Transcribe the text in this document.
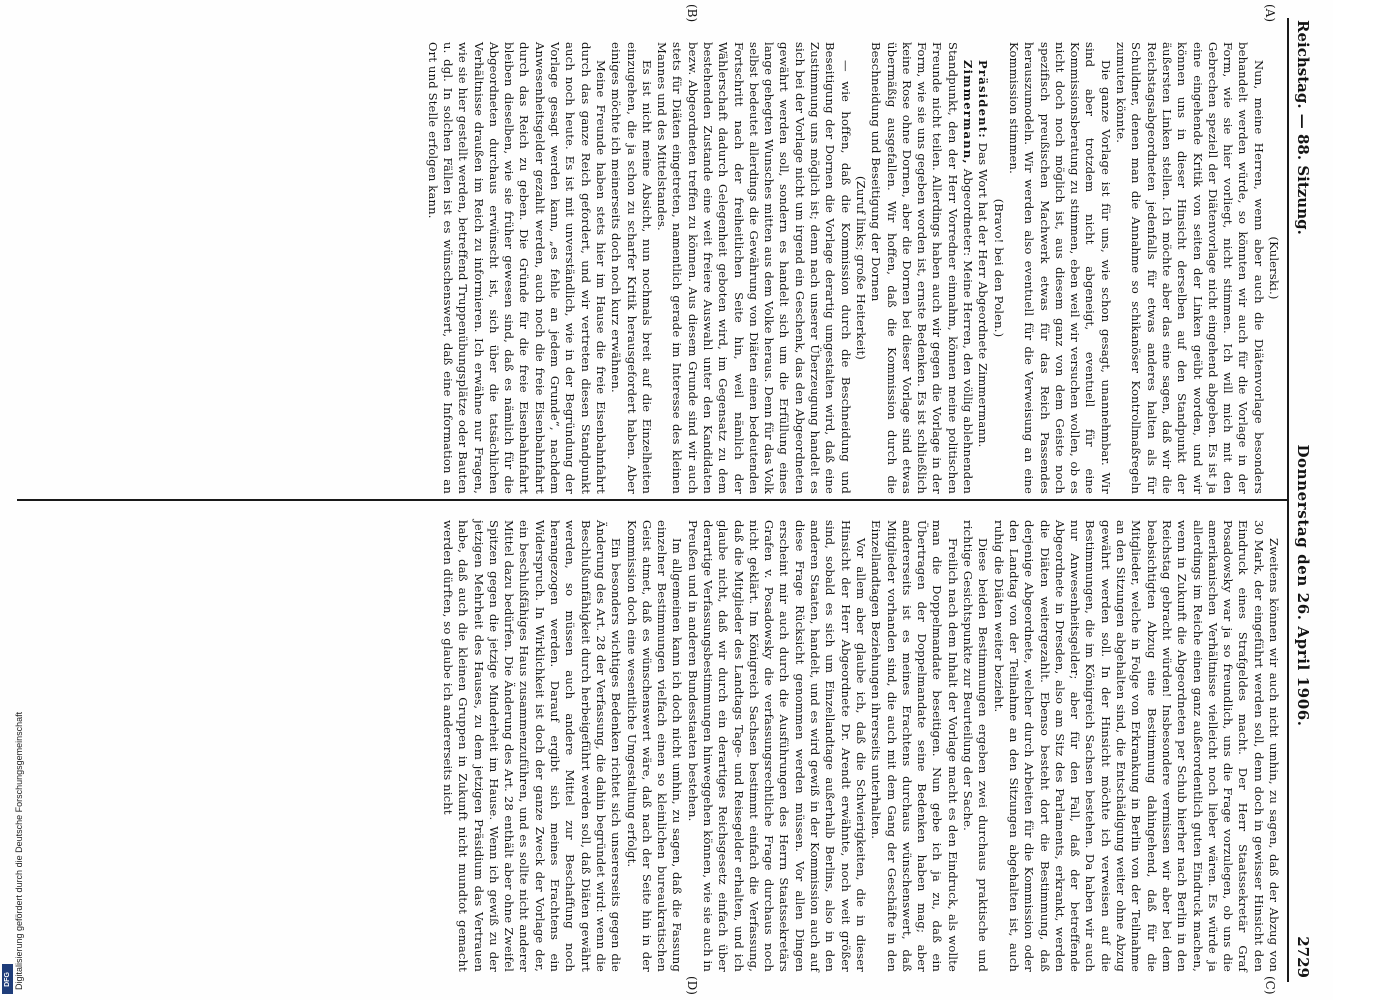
Reichstag. — 88. Sitzung.
Donnerstag den 26. April 1906.
2729
(A)
(B)
(C)
(D)

(Kulerski.)

Nun, meine Herren, wenn aber auch die Diätenvorlage besonders behandelt werden würde, so könnten wir auch für die Vorlage in der Form, wie sie hier vorliegt, nicht stimmen. Ich will mich mit den Gebrechen speziell der Diätenvorlage nicht eingehend abgeben. Es ist ja eine eingehende Kritik von seiten der Linken geübt worden, und wir können uns in dieser Hinsicht derselben auf den Standpunkt der äußersten Linken stellen. Ich möchte aber das eine sagen, daß wir die Reichstagsabgeordneten jedenfalls für etwas anderes halten als für Schuldner, denen man die Annahme so schikanöser Kontrollmaßregeln zumuten könnte.

Die ganze Vorlage ist für uns, wie schon gesagt, unannehmbar. Wir sind aber trotzdem nicht abgeneigt, eventuell für eine Kommissionsberatung zu stimmen, eben weil wir versuchen wollen, ob es nicht doch noch möglich ist, aus diesem ganz von dem Geiste noch spezifisch preußischen Machwerk etwas für das Reich Passendes herauszumodeln. Wir werden also eventuell für die Verweisung an eine Kommission stimmen.

(Bravo! bei den Polen.)

Präsident: Das Wort hat der Herr Abgeordnete Zimmermann.

Zimmermann, Abgeordneter: Meine Herren, den völlig ablehnenden Standpunkt, den der Herr Vorredner einnahm, können meine politischen Freunde nicht teilen. Allerdings haben auch wir gegen die Vorlage in der Form, wie sie uns gegeben worden ist, ernste Bedenken. Es ist schließlich keine Rose ohne Dornen, aber die Dornen bei dieser Vorlage sind etwas übermäßig ausgefallen. Wir hoffen, daß die Kommission durch die Beschneidung und Beseitigung der Dornen

(Zuruf links; große Heiterkeit)

— wie hoffen, daß die Kommission durch die Beschneidung und Beseitigung der Dornen die Vorlage derartig umgestalten wird, daß eine Zustimmung uns möglich ist; denn nach unserer Überzeugung handelt es sich bei der Vorlage nicht um irgend ein Geschenk, das den Abgeordneten gewährt werden soll, sondern es handelt sich um die Erfüllung eines lange gehegten Wunsches mitten aus dem Volke heraus. Denn für das Volk selbst bedeutet allerdings die Gewährung von Diäten einen bedeutenden Fortschritt nach der freiheitlichen Seite hin, weil nämlich der Wählerschaft dadurch Gelegenheit geboten wird, im Gegensatz zu dem bestehenden Zustande eine weit freiere Auswahl unter den Kandidaten bezw. Abgeordneten treffen zu können. Aus diesem Grunde sind wir auch stets für Diäten eingetreten, namentlich gerade im Interesse des kleinen Mannes und des Mittelstandes.

Es ist nicht meine Absicht, nun nochmals breit auf die Einzelheiten einzugehen, die ja schon zu scharfer Kritik herausgefordert haben. Aber einiges möchte ich meinerseits doch noch kurz erwähnen.

Meine Freunde haben stets hier im Hause die freie Eisenbahnfahrt durch das ganze Reich gefordert, und wir vertreten diesen Standpunkt auch noch heute. Es ist mit unverständlich, wie in der Begründung der Vorlage gesagt werden kann, „es fehle an jedem Grunde“, nachdem Anwesenheitsgelder gezahlt werden, auch noch die freie Eisenbahnfahrt durch das Reich zu geben. Die Gründe für die freie Eisenbahnfahrt bleiben dieselben, wie sie früher gewesen sind, daß es nämlich für die Abgeordneten durchaus erwünscht ist, sich über die tatsächlichen Verhältnisse draußen im Reich zu informieren. Ich erwähne nur Fragen, wie sie hier gestellt werden, betreffend Truppenübungsplätze oder Bauten u. dgl. In solchen Fällen ist es wünschenswert, daß eine Information an Ort und Stelle erfolgen kann.

Zweitens können wir auch nicht umhin, zu sagen, daß der Abzug von 30 Mark, der eingeführt werden soll, denn doch in gewisser Hinsicht den Eindruck eines Strafgeldes macht. Der Herr Staatssekretär Graf Posadowsky war ja so freundlich, uns die Frage vorzulegen, ob uns die amerikanischen Verhältnisse vielleicht noch lieber wären. Es würde ja allerdings im Reiche einen ganz außerordentlich guten Eindruck machen, wenn in Zukunft die Abgeordneten per Schub hierher nach Berlin in den Reichstag gebracht würden! Insbesondere vermissen wir aber bei dem beabsichtigten Abzug eine Bestimmung dahingehend, daß für die Mitglieder, welche in Folge von Erkrankung in Berlin von der Teilnahme an den Sitzungen abgehalten sind, die Entschädigung weiter ohne Abzug gewährt werden soll. In der Hinsicht möchte ich verweisen auf die Bestimmungen, die im Königreich Sachsen bestehen. Da haben wir auch nur Anwesenheitsgelder; aber für den Fall, daß der betreffende Abgeordnete in Dresden, also am Sitz des Parlaments, erkrankt, werden die Diäten weitergezahlt. Ebenso besteht dort die Bestimmung, daß derjenige Abgeordnete, welcher durch Arbeiten für die Kommission oder den Landtag von der Teilnahme an den Sitzungen abgehalten ist, auch ruhig die Diäten weiter bezieht.

Diese beiden Bestimmungen ergeben zwei durchaus praktische und richtige Gesichtspunkte zur Beurteilung der Sache.

Freilich nach dem Inhalt der Vorlage macht es den Eindruck, als wollte man die Doppelmandate beseitigen. Nun gebe ich ja zu, daß ein Übertragen der Doppelmandate seine Bedenken haben mag; aber andererseits ist es meines Erachtens durchaus wünschenswert, daß Mitglieder vorhanden sind, die auch mit dem Gang der Geschäfte in den Einzellandtagen Beziehungen ihrerseits unterhalten.

Vor allem aber glaube ich, daß die Schwierigkeiten, die in dieser Hinsicht der Herr Abgeordnete Dr. Arendt erwähnte, noch weit größer sind, sobald es sich um Einzellandtage außerhalb Berlins, also in den anderen Staaten, handelt, und es wird gewiß in der Kommission auch auf diese Frage Rücksicht genommen werden müssen. Vor allen Dingen erscheint mir auch durch die Ausführungen des Herrn Staatssekretärs Grafen v. Posadowsky die verfassungsrechtliche Frage durchaus noch nicht geklärt. Im Königreich Sachsen bestimmt einfach die Verfassung, daß die Mitglieder des Landtags Tage- und Reisegelder erhalten, und ich glaube nicht, daß wir durch ein derartiges Reichsgesetz einfach über derartige Verfassungsbestimmungen hinweggehen können, wie sie auch in Preußen und in anderen Bundesstaaten bestehen.

Im allgemeinen kann ich doch nicht umhin, zu sagen, daß die Fassung einzelner Bestimmungen vielfach einen so kleinlichen bureaukratischen Geist atmet, daß es wünschenswert wäre, daß nach der Seite hin in der Kommission doch eine wesentliche Umgestaltung erfolgt.

Ein besonders wichtiges Bedenken richtet sich unsererseits gegen die Änderung des Art. 28 der Verfassung, die dahin begründet wird: wenn die Beschlußunfähigkeit durch herbeigeführt werden soll, daß Diäten gewährt werden, so müssen auch andere Mittel zur Beschaffung noch herangezogen werden. Darauf ergibt sich meines Erachtens ein Widerspruch. In Wirklichkeit ist doch der ganze Zweck der Vorlage der, ein beschlußfähiges Haus zusammenzuführen, und es sollte nicht anderer Mittel dazu bedürfen. Die Änderung des Art. 28 enthält aber ohne Zweifel Spitzen gegen die jetzige Minderheit im Hause. Wenn ich gewiß zu der jetzigen Mehrheit des Hauses, zu dem jetzigen Präsidium das Vertrauen habe, daß auch die kleinen Gruppen in Zukunft nicht mundtot gemacht werden dürften, so glaube ich andererseits nicht

Digitalisierung gefördert durch die Deutsche Forschungsgemeinschaft
DFG
